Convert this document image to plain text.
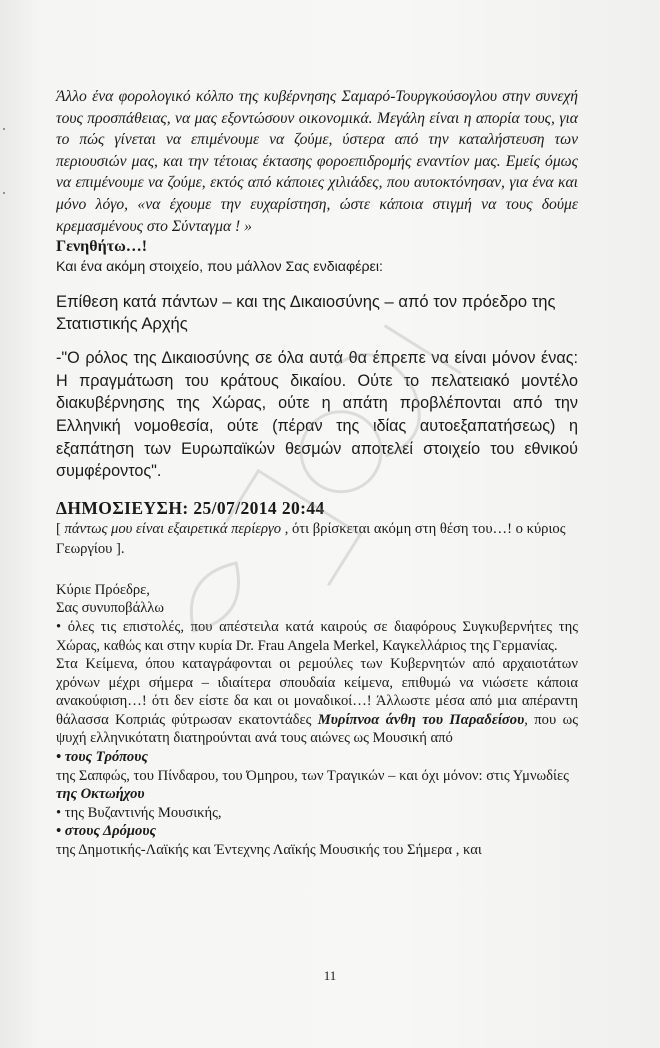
Άλλο ένα φορολογικό κόλπο της κυβέρνησης Σαμαρό-Τουργκούσογλου στην συνεχή τους προσπάθειας, να μας εξοντώσουν οικονομικά. Μεγάλη είναι η απορία τους, για το πώς γίνεται να επιμένουμε να ζούμε, ύστερα από την καταλήστευση των περιουσιών μας, και την τέτοιας έκτασης φοροεπιδρομής εναντίον μας. Εμείς όμως να επιμένουμε να ζούμε, εκτός από κάποιες χιλιάδες, που αυτοκτόνησαν, για ένα και μόνο λόγο, «να έχουμε την ευχαρίστηση, ώστε κάποια στιγμή να τους δούμε κρεμασμένους στο Σύνταγμα ! »

Γενηθήτω…!

Και ένα ακόμη στοιχείο, που μάλλον Σας ενδιαφέρει:

Επίθεση κατά πάντων – και της Δικαιοσύνης – από τον πρόεδρο της Στατιστικής Αρχής

-"Ο ρόλος της Δικαιοσύνης σε όλα αυτά θα έπρεπε να είναι μόνον ένας: Η πραγμάτωση του κράτους δικαίου. Ούτε το πελατειακό μοντέλο διακυβέρνησης της Χώρας, ούτε η απάτη προβλέπονται από την Ελληνική νομοθεσία, ούτε (πέραν της ιδίας αυτοεξαπατήσεως) η εξαπάτηση των Ευρωπαϊκών θεσμών αποτελεί στοιχείο του εθνικού συμφέροντος".

ΔΗΜΟΣΙΕΥΣΗ: 25/07/2014 20:44

[ πάντως μου είναι εξαιρετικά περίεργο , ότι βρίσκεται ακόμη στη θέση του…! ο κύριος Γεωργίου ].

Κύριε Πρόεδρε,

Σας συνυποβάλλω

• όλες τις επιστολές, που απέστειλα κατά καιρούς σε διαφόρους Συγκυβερνήτες της Χώρας, καθώς και στην κυρία Dr. Frau Angela Merkel, Καγκελλάριος της Γερμανίας.

Στα Κείμενα, όπου καταγράφονται οι ρεμούλες των Κυβερνητών από αρχαιοτάτων χρόνων μέχρι σήμερα – ιδιαίτερα σπουδαία κείμενα, επιθυμώ να νιώσετε κάποια ανακούφιση…! ότι δεν είστε δα και οι μοναδικοί…! Άλλωστε μέσα από μια απέραντη θάλασσα Κοπριάς φύτρωσαν εκατοντάδες Μυρίπνοα άνθη του Παραδείσου, που ως ψυχή ελληνικότατη διατηρούνται ανά τους αιώνες ως Μουσική από

• τους Τρόπους

της Σαπφώς, του Πίνδαρου, του Όμηρου, των Τραγικών – και όχι μόνον: στις Υμνωδίες

της Οκτωήχου

• της Βυζαντινής Μουσικής,

• στους Δρόμους

της Δημοτικής-Λαϊκής και Έντεχνης Λαϊκής Μουσικής του Σήμερα , και

11
